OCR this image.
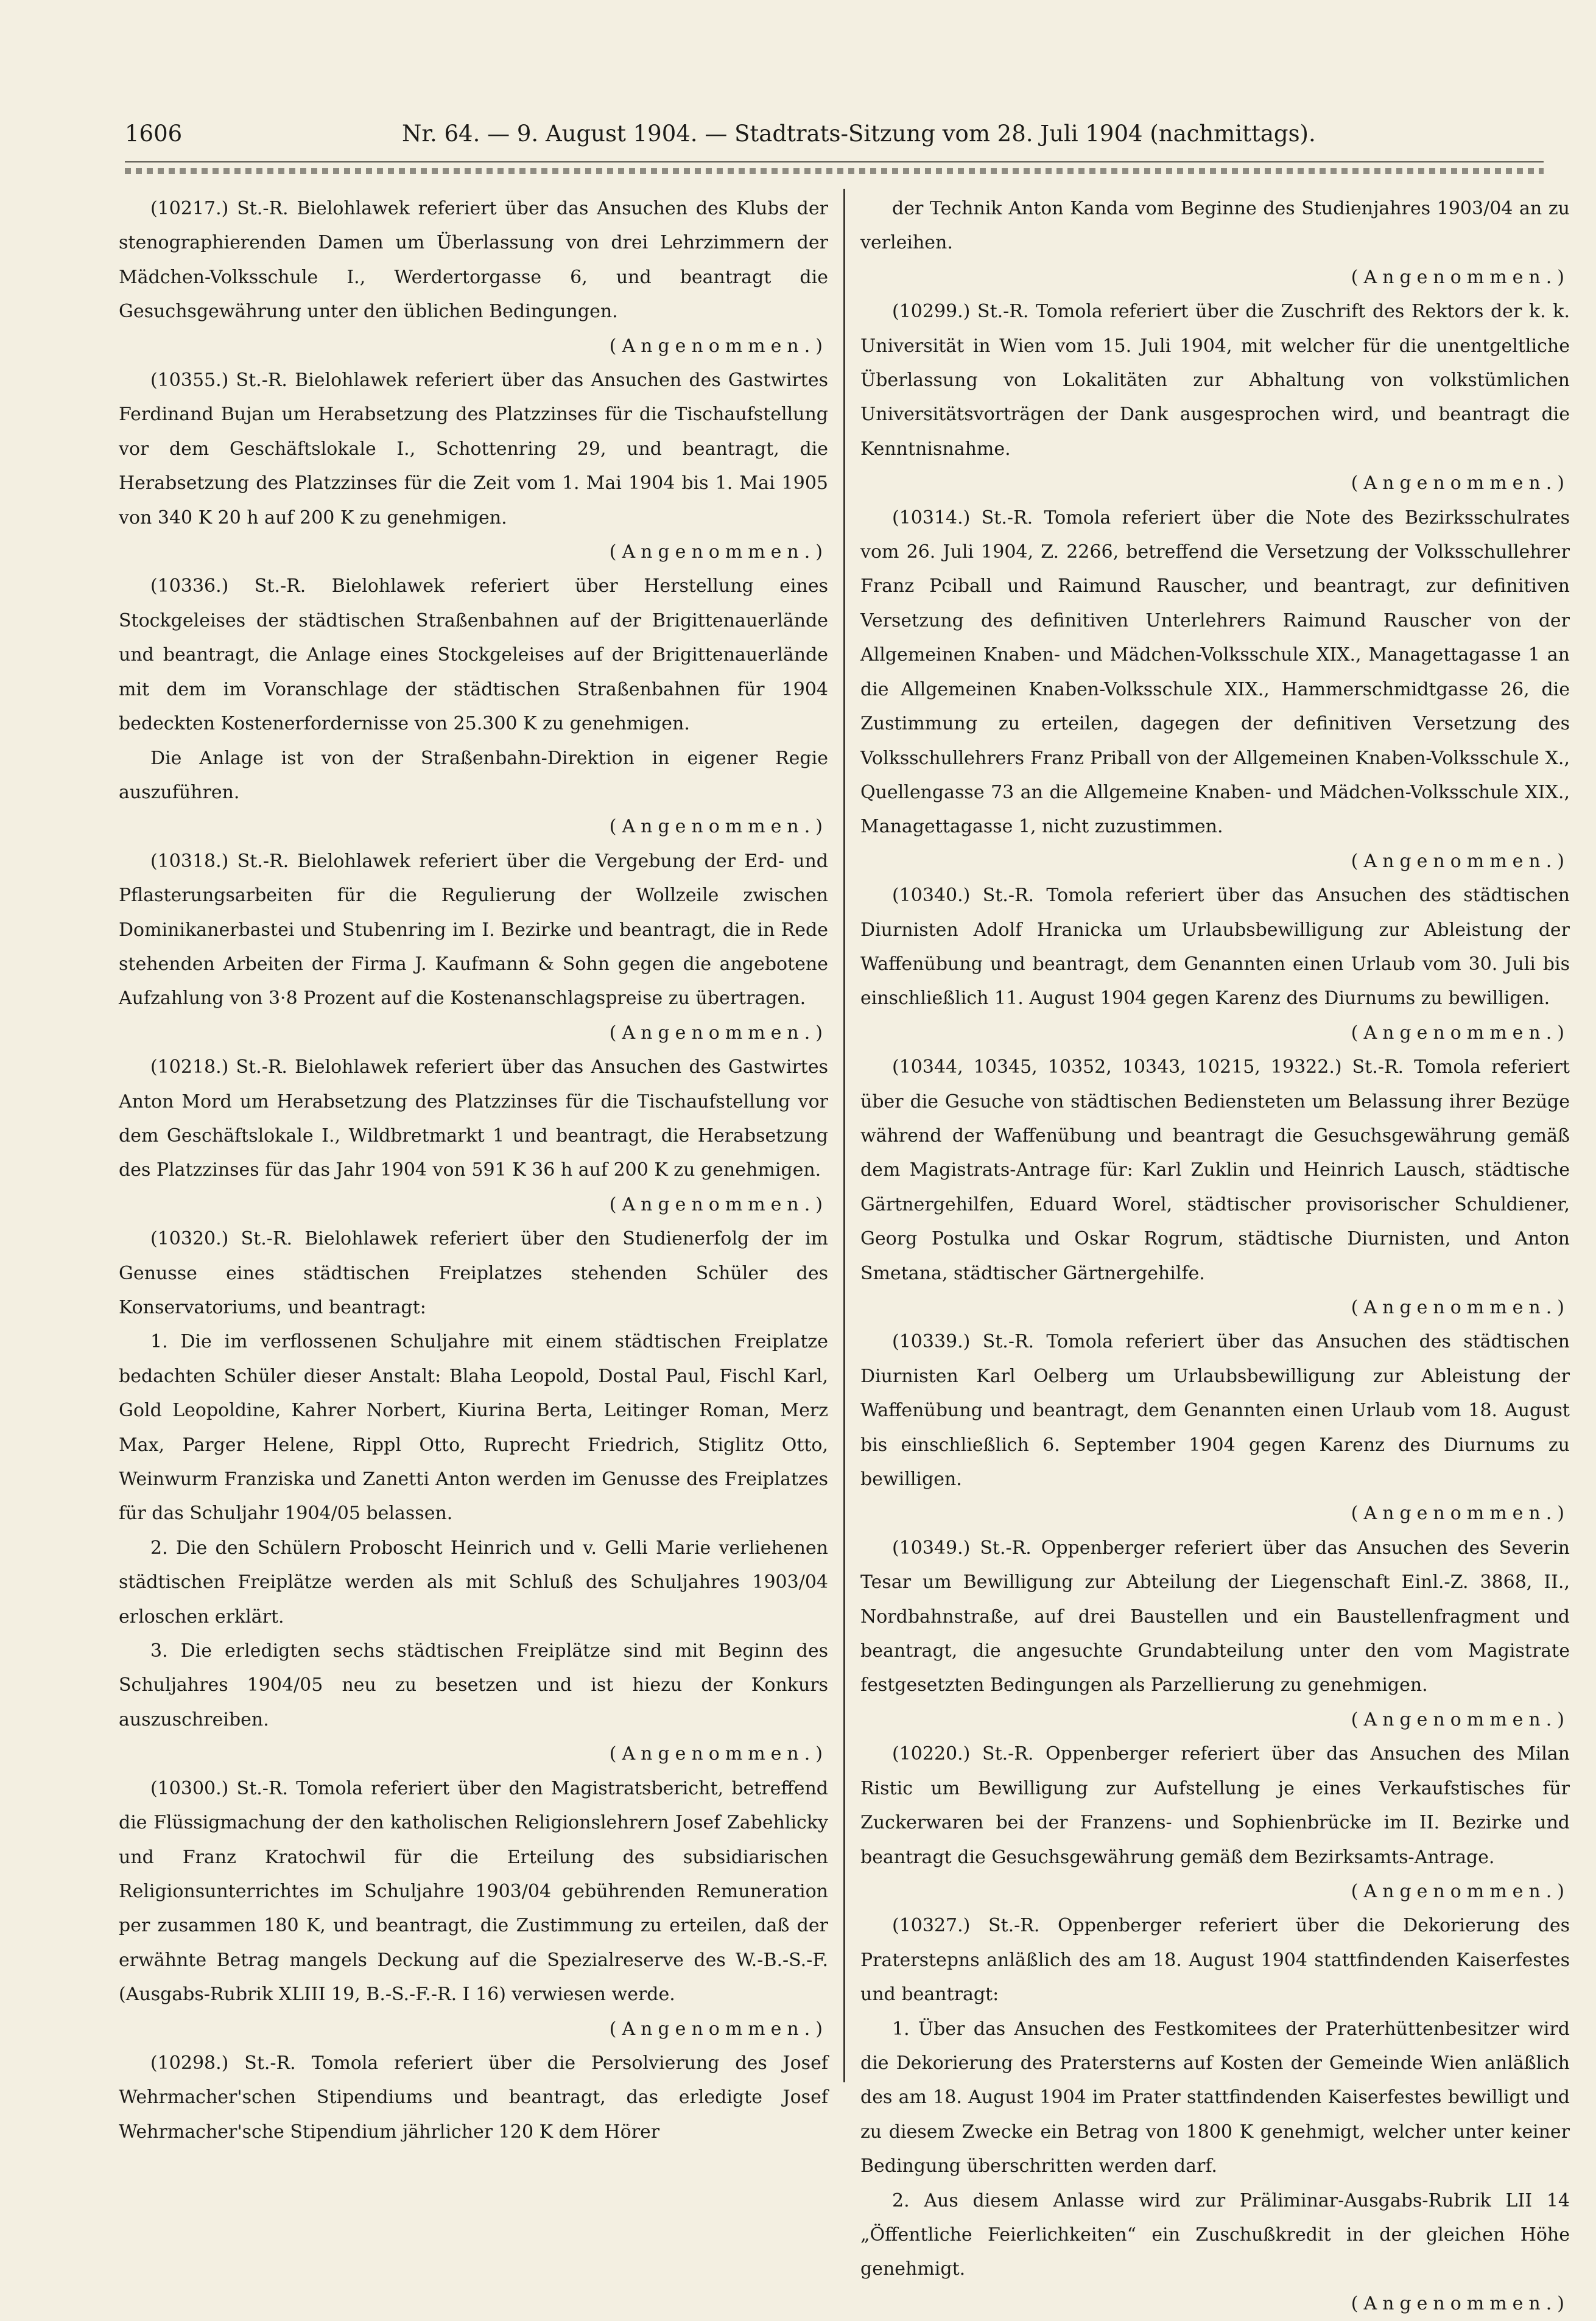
1606	Nr. 64. — 9. August 1904. — Stadtrats-Sitzung vom 28. Juli 1904 (nachmittags).

(10217.) St.-R. Bielohlawek referiert über das Ansuchen des Klubs der stenographierenden Damen um Überlassung von drei Lehrzimmern der Mädchen-Volksschule I., Werdertorgasse 6, und beantragt die Gesuchsgewährung unter den üblichen Bedingungen.
(Angenommen.)

(10355.) St.-R. Bielohlawek referiert über das Ansuchen des Gastwirtes Ferdinand Bujan um Herabsetzung des Platzzinses für die Tischaufstellung vor dem Geschäftslokale I., Schottenring 29, und beantragt, die Herabsetzung des Platzzinses für die Zeit vom 1. Mai 1904 bis 1. Mai 1905 von 340 K 20 h auf 200 K zu genehmigen.
(Angenommen.)

(10336.) St.-R. Bielohlawek referiert über Herstellung eines Stockgeleises der städtischen Straßenbahnen auf der Brigittenauerlände und beantragt, die Anlage eines Stockgeleises auf der Brigittenauerlände mit dem im Voranschlage der städtischen Straßenbahnen für 1904 bedeckten Kostenerfordernisse von 25.300 K zu genehmigen.

Die Anlage ist von der Straßenbahn-Direktion in eigener Regie auszuführen.
(Angenommen.)

(10318.) St.-R. Bielohlawek referiert über die Vergebung der Erd- und Pflasterungsarbeiten für die Regulierung der Wollzeile zwischen Dominikanerbastei und Stubenring im I. Bezirke und beantragt, die in Rede stehenden Arbeiten der Firma J. Kaufmann & Sohn gegen die angebotene Aufzahlung von 3·8 Prozent auf die Kostenanschlagspreise zu übertragen.
(Angenommen.)

(10218.) St.-R. Bielohlawek referiert über das Ansuchen des Gastwirtes Anton Mord um Herabsetzung des Platzzinses für die Tischaufstellung vor dem Geschäftslokale I., Wildbretmarkt 1 und beantragt, die Herabsetzung des Platzzinses für das Jahr 1904 von 591 K 36 h auf 200 K zu genehmigen.
(Angenommen.)

(10320.) St.-R. Bielohlawek referiert über den Studienerfolg der im Genusse eines städtischen Freiplatzes stehenden Schüler des Konservatoriums, und beantragt:

1. Die im verflossenen Schuljahre mit einem städtischen Freiplatze bedachten Schüler dieser Anstalt: Blaha Leopold, Dostal Paul, Fischl Karl, Gold Leopoldine, Kahrer Norbert, Kiurina Berta, Leitinger Roman, Merz Max, Parger Helene, Rippl Otto, Ruprecht Friedrich, Stiglitz Otto, Weinwurm Franziska und Zanetti Anton werden im Genusse des Freiplatzes für das Schuljahr 1904/05 belassen.

2. Die den Schülern Proboscht Heinrich und v. Gelli Marie verliehenen städtischen Freiplätze werden als mit Schluß des Schuljahres 1903/04 erloschen erklärt.

3. Die erledigten sechs städtischen Freiplätze sind mit Beginn des Schuljahres 1904/05 neu zu besetzen und ist hiezu der Konkurs auszuschreiben.
(Angenommen.)

(10300.) St.-R. Tomola referiert über den Magistratsbericht, betreffend die Flüssigmachung der den katholischen Religionslehrern Josef Zabehlicky und Franz Kratochwil für die Erteilung des subsidiarischen Religionsunterrichtes im Schuljahre 1903/04 gebührenden Remuneration per zusammen 180 K, und beantragt, die Zustimmung zu erteilen, daß der erwähnte Betrag mangels Deckung auf die Spezialreserve des W.-B.-S.-F. (Ausgabs-Rubrik XLIII 19, B.-S.-F.-R. I 16) verwiesen werde.
(Angenommen.)

(10298.) St.-R. Tomola referiert über die Persolvierung des Josef Wehrmacher'schen Stipendiums und beantragt, das erledigte Josef Wehrmacher'sche Stipendium jährlicher 120 K dem Hörer

der Technik Anton Kanda vom Beginne des Studienjahres 1903/04 an zu verleihen.
(Angenommen.)

(10299.) St.-R. Tomola referiert über die Zuschrift des Rektors der k. k. Universität in Wien vom 15. Juli 1904, mit welcher für die unentgeltliche Überlassung von Lokalitäten zur Abhaltung von volkstümlichen Universitätsvorträgen der Dank ausgesprochen wird, und beantragt die Kenntnisnahme.
(Angenommen.)

(10314.) St.-R. Tomola referiert über die Note des Bezirksschulrates vom 26. Juli 1904, Z. 2266, betreffend die Versetzung der Volksschullehrer Franz Pciball und Raimund Rauscher, und beantragt, zur definitiven Versetzung des definitiven Unterlehrers Raimund Rauscher von der Allgemeinen Knaben- und Mädchen-Volksschule XIX., Managettagasse 1 an die Allgemeinen Knaben-Volksschule XIX., Hammerschmidtgasse 26, die Zustimmung zu erteilen, dagegen der definitiven Versetzung des Volksschullehrers Franz Priball von der Allgemeinen Knaben-Volksschule X., Quellengasse 73 an die Allgemeine Knaben- und Mädchen-Volksschule XIX., Managettagasse 1, nicht zuzustimmen.
(Angenommen.)

(10340.) St.-R. Tomola referiert über das Ansuchen des städtischen Diurnisten Adolf Hranicka um Urlaubsbewilligung zur Ableistung der Waffenübung und beantragt, dem Genannten einen Urlaub vom 30. Juli bis einschließlich 11. August 1904 gegen Karenz des Diurnums zu bewilligen.
(Angenommen.)

(10344, 10345, 10352, 10343, 10215, 19322.) St.-R. Tomola referiert über die Gesuche von städtischen Bediensteten um Belassung ihrer Bezüge während der Waffenübung und beantragt die Gesuchsgewährung gemäß dem Magistrats-Antrage für: Karl Zuklin und Heinrich Lausch, städtische Gärtnergehilfen, Eduard Worel, städtischer provisorischer Schuldiener, Georg Postulka und Oskar Rogrum, städtische Diurnisten, und Anton Smetana, städtischer Gärtnergehilfe.
(Angenommen.)

(10339.) St.-R. Tomola referiert über das Ansuchen des städtischen Diurnisten Karl Oelberg um Urlaubsbewilligung zur Ableistung der Waffenübung und beantragt, dem Genannten einen Urlaub vom 18. August bis einschließlich 6. September 1904 gegen Karenz des Diurnums zu bewilligen.
(Angenommen.)

(10349.) St.-R. Oppenberger referiert über das Ansuchen des Severin Tesar um Bewilligung zur Abteilung der Liegenschaft Einl.-Z. 3868, II., Nordbahnstraße, auf drei Baustellen und ein Baustellenfragment und beantragt, die angesuchte Grundabteilung unter den vom Magistrate festgesetzten Bedingungen als Parzellierung zu genehmigen.
(Angenommen.)

(10220.) St.-R. Oppenberger referiert über das Ansuchen des Milan Ristic um Bewilligung zur Aufstellung je eines Verkaufstisches für Zuckerwaren bei der Franzens- und Sophienbrücke im II. Bezirke und beantragt die Gesuchsgewährung gemäß dem Bezirksamts-Antrage.
(Angenommen.)

(10327.) St.-R. Oppenberger referiert über die Dekorierung des Praterstерns anläßlich des am 18. August 1904 stattfindenden Kaiserfestes und beantragt:

1. Über das Ansuchen des Festkomitees der Praterhüttenbesitzer wird die Dekorierung des Pratersterns auf Kosten der Gemeinde Wien anläßlich des am 18. August 1904 im Prater stattfindenden Kaiserfestes bewilligt und zu diesem Zwecke ein Betrag von 1800 K genehmigt, welcher unter keiner Bedingung überschritten werden darf.

2. Aus diesem Anlasse wird zur Präliminar-Ausgabs-Rubrik LII 14 „Öffentliche Feierlichkeiten“ ein Zuschußkredit in der gleichen Höhe genehmigt.
(Angenommen.)
